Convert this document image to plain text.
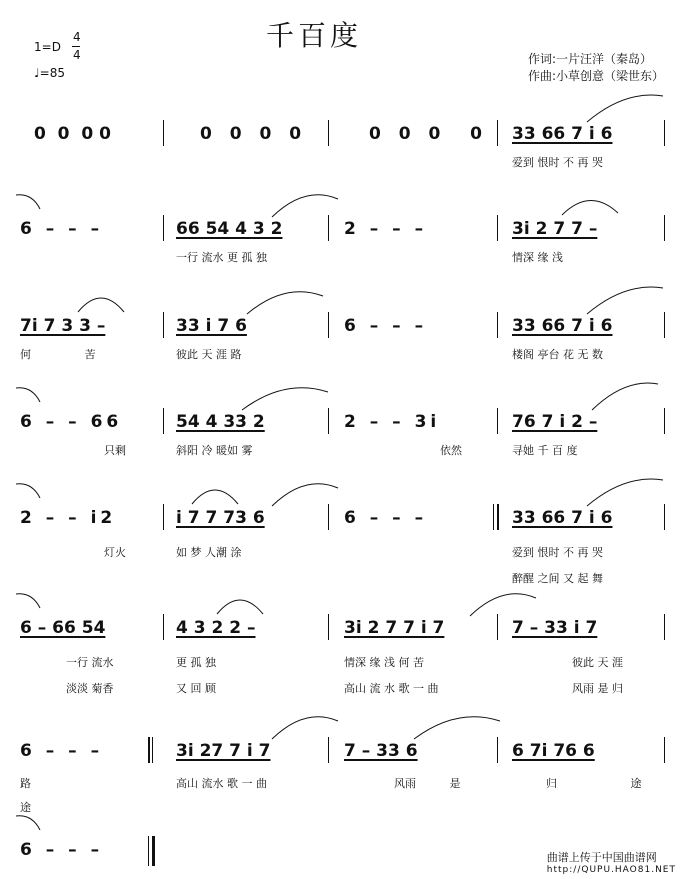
千百度
1=D
4
4
♩=85
作词:一片汪洋（秦岛）
作曲:小草创意（梁世东）
0  0  0 0	0 0 0 0	0 0 0  0 33 66 7 i 6
爱到 恨时 不 再 哭
6 – – –	66 54 4 3 2	2 – – –	3i 2 7 7 –
一行 流水 更 孤 独	情深 缘 浅
7i 7 3 3 –	33 i 7 6	6 – – –	33 66 7 i 6
何 苦	彼此 天 涯 路	楼阁 亭台 花 无 数
6 – – 66	54 4 33 2	2 – – 3i	76 7 i 2 –
只剩	斜阳 冷 暖如 雾	依然	寻她 千 百 度
2 – – i2	i 7 7 73 6	6 – – –	33 66 7 i 6
灯火	如 梦 人潮 涂	爱到 恨时 不 再 哭
醉醒 之间 又 起 舞
6 – 66 54	4 3 2 2 –	3i 2 7 7 i 7	7 – 33 i 7
一行 流水	更 孤 独	情深 缘 浅 何 苦	彼此 天 涯
淡淡 菊香	又 回 顾	高山 流 水 歌 一 曲	风雨 是 归
6 – – –	3i 27 7 i 7	7 – 33 6	6 7i 76 6
路
途
高山 流水 歌 一 曲	风雨 是	归 途
6 – – –	曲谱上传于中国曲谱网
http://QUPU.HAO81.NET
